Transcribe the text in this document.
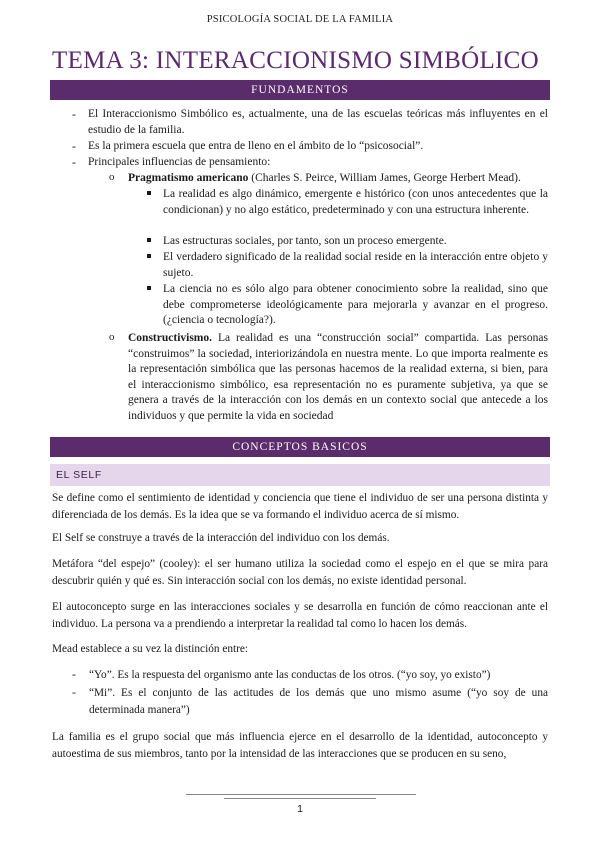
PSICOLOGÍA SOCIAL DE LA FAMILIA
TEMA 3: INTERACCIONISMO SIMBÓLICO
FUNDAMENTOS
- El Interaccionismo Simbólico es, actualmente, una de las escuelas teóricas más influyentes en el estudio de la familia.
- Es la primera escuela que entra de lleno en el ámbito de lo “psicosocial”.
- Principales influencias de pensamiento:
o Pragmatismo americano (Charles S. Peirce, William James, George Herbert Mead).
La realidad es algo dinámico, emergente e histórico (con unos antecedentes que la condicionan) y no algo estático, predeterminado y con una estructura inherente.
Las estructuras sociales, por tanto, son un proceso emergente.
El verdadero significado de la realidad social reside en la interacción entre objeto y sujeto.
La ciencia no es sólo algo para obtener conocimiento sobre la realidad, sino que debe comprometerse ideológicamente para mejorarla y avanzar en el progreso. (¿ciencia o tecnología?).
o Constructivismo. La realidad es una “construcción social” compartida. Las personas “construimos” la sociedad, interiorizándola en nuestra mente. Lo que importa realmente es la representación simbólica que las personas hacemos de la realidad externa, si bien, para el interaccionismo simbólico, esa representación no es puramente subjetiva, ya que se genera a través de la interacción con los demás en un contexto social que antecede a los individuos y que permite la vida en sociedad
CONCEPTOS BASICOS
EL SELF
Se define como el sentimiento de identidad y conciencia que tiene el individuo de ser una persona distinta y diferenciada de los demás. Es la idea que se va formando el individuo acerca de sí mismo.
El Self se construye a través de la interacción del individuo con los demás.
Metáfora “del espejo” (cooley): el ser humano utiliza la sociedad como el espejo en el que se mira para descubrir quién y qué es. Sin interacción social con los demás, no existe identidad personal.
El autoconcepto surge en las interacciones sociales y se desarrolla en función de cómo reaccionan ante el individuo. La persona va a prendiendo a interpretar la realidad tal como lo hacen los demás.
Mead establece a su vez la distinción entre:
- “Yo”. Es la respuesta del organismo ante las conductas de los otros. (“yo soy, yo existo”)
- “Mi”. Es el conjunto de las actitudes de los demás que uno mismo asume (“yo soy de una determinada manera”)
La familia es el grupo social que más influencia ejerce en el desarrollo de la identidad, autoconcepto y autoestima de sus miembros, tanto por la intensidad de las interacciones que se producen en su seno,
1
